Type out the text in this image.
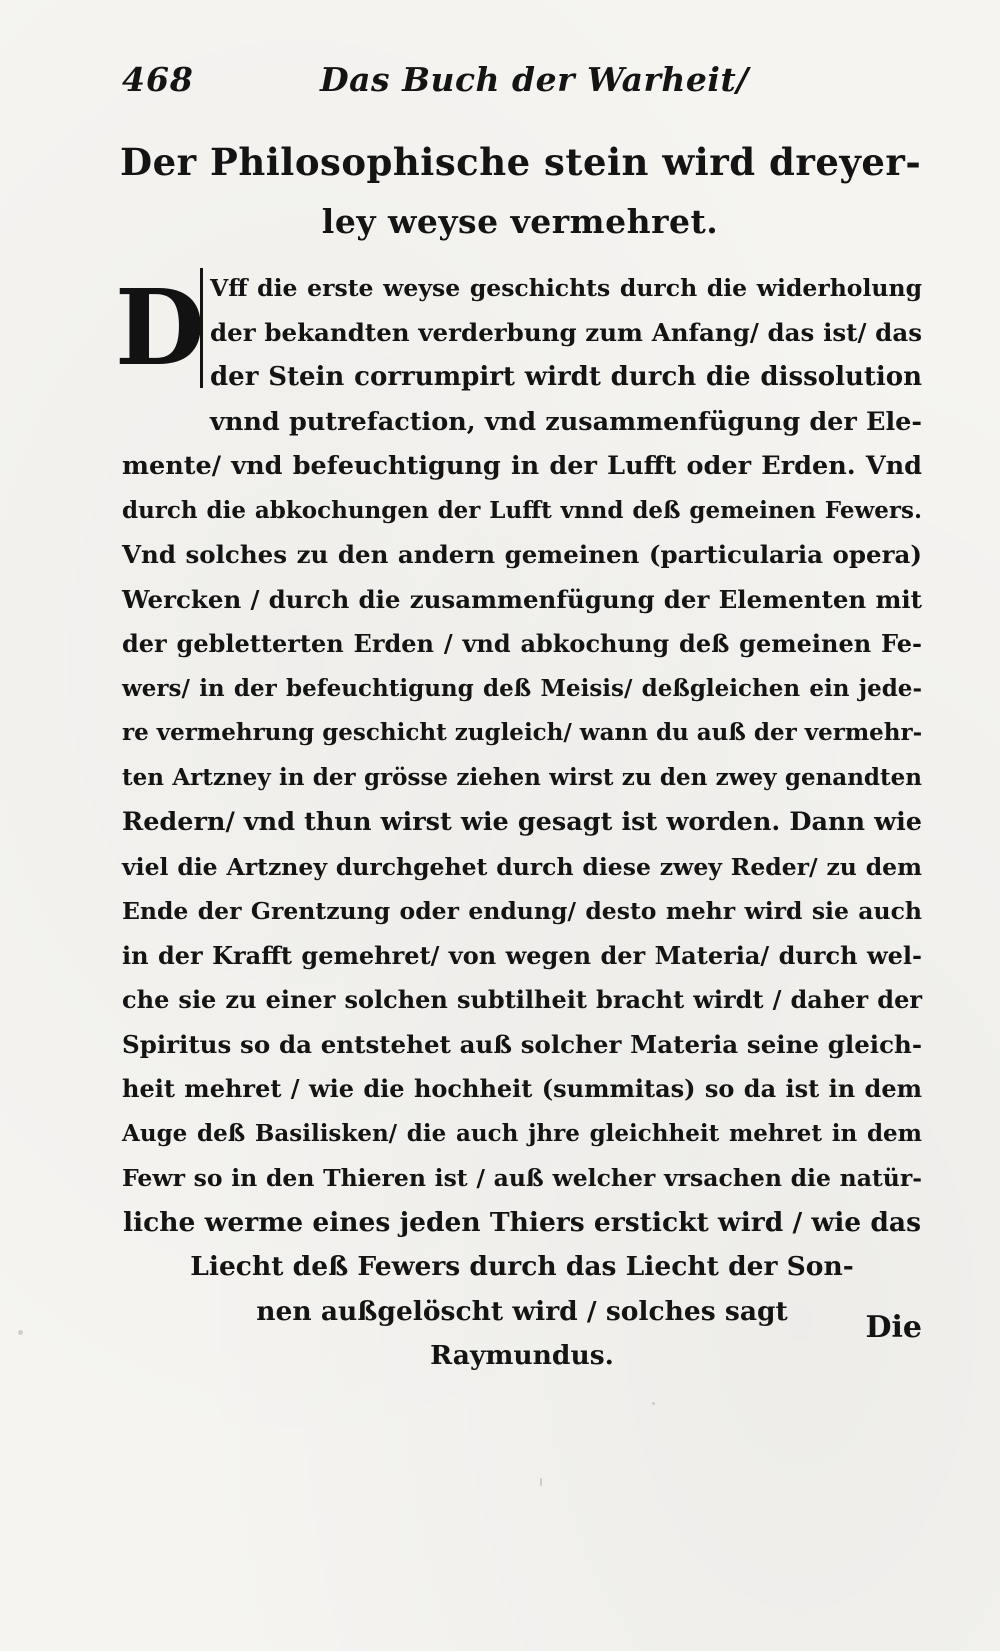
468	Das Buch der Warheit/
Der Philosophische stein wird dreyer-
ley weyse vermehret.
D Vff die erste weyse geschichts durch die widerholung
der bekandten verderbung zum Anfang/ das ist/ das
der Stein corrumpirt wirdt durch die dissolution
vnnd putrefaction, vnd zusammenfügung der Ele-
mente/ vnd befeuchtigung in der Lufft oder Erden. Vnd
durch die abkochungen der Lufft vnnd deß gemeinen Fewers.
Vnd solches zu den andern gemeinen (particularia opera)
Wercken / durch die zusammenfügung der Elementen mit
der gebletterten Erden / vnd abkochung deß gemeinen Fe-
wers/ in der befeuchtigung deß Meisis/ deßgleichen ein jede-
re vermehrung geschicht zugleich/ wann du auß der vermehr-
ten Artzney in der grösse ziehen wirst zu den zwey genandten
Redern/ vnd thun wirst wie gesagt ist worden. Dann wie
viel die Artzney durchgehet durch diese zwey Reder/ zu dem
Ende der Grentzung oder endung/ desto mehr wird sie auch
in der Krafft gemehret/ von wegen der Materia/ durch wel-
che sie zu einer solchen subtilheit bracht wirdt / daher der
Spiritus so da entstehet auß solcher Materia seine gleich-
heit mehret / wie die hochheit (summitas) so da ist in dem
Auge deß Basilisken/ die auch jhre gleichheit mehret in dem
Fewr so in den Thieren ist / auß welcher vrsachen die natür-
liche werme eines jeden Thiers erstickt wird / wie das
Liecht deß Fewers durch das Liecht der Son-
nen außgelöscht wird / solches sagt
Raymundus.
Die
